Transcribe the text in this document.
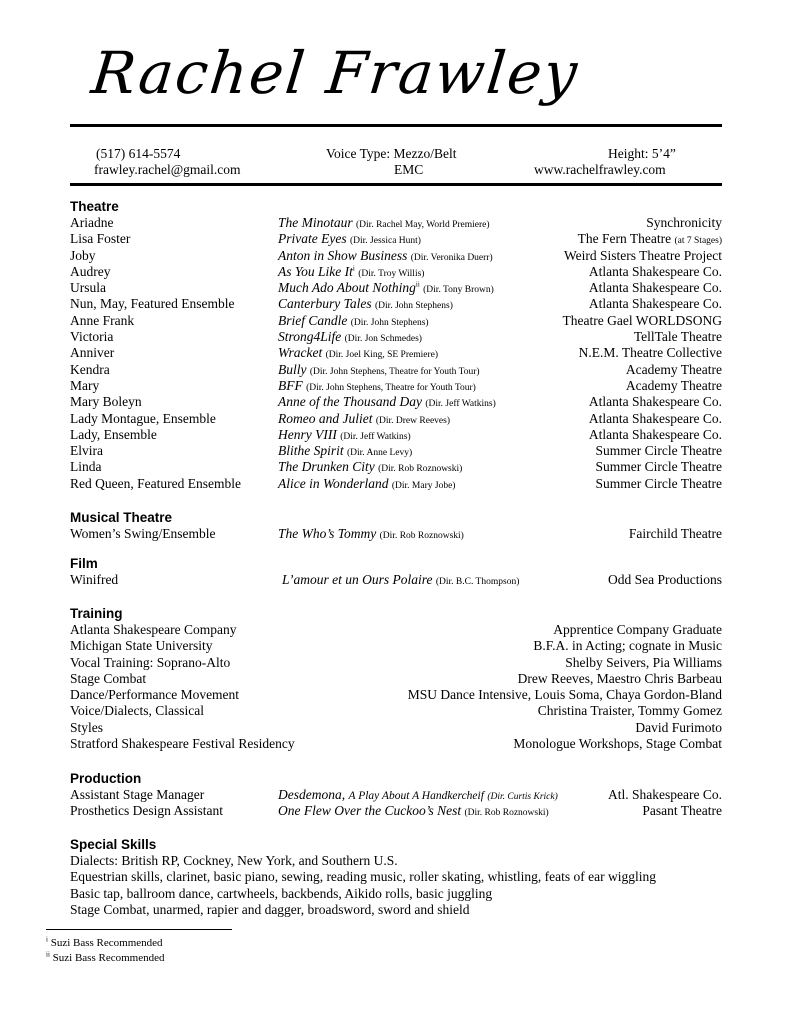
Rachel Frawley
(517) 614-5574
frawley.rachel@gmail.com
Voice Type: Mezzo/Belt
EMC
Height: 5’4”
www.rachelfrawley.com
Theatre
Ariadne	The Minotaur (Dir. Rachel May, World Premiere)	Synchronicity
Lisa Foster	Private Eyes (Dir. Jessica Hunt)	The Fern Theatre (at 7 Stages)
Joby	Anton in Show Business (Dir. Veronika Duerr)	Weird Sisters Theatre Project
Audrey	As You Like It$^i$ (Dir. Troy Willis)	Atlanta Shakespeare Co.
Ursula	Much Ado About Nothing$^{ii}$ (Dir. Tony Brown)	Atlanta Shakespeare Co.
Nun, May, Featured Ensemble	Canterbury Tales (Dir. John Stephens)	Atlanta Shakespeare Co.
Anne Frank	Brief Candle (Dir. John Stephens)	Theatre Gael WORLDSONG
Victoria	Strong4Life (Dir. Jon Schmedes)	TellTale Theatre
Anniver	Wracket (Dir. Joel King, SE Premiere)	N.E.M. Theatre Collective
Kendra	Bully (Dir. John Stephens, Theatre for Youth Tour)	Academy Theatre
Mary	BFF (Dir. John Stephens, Theatre for Youth Tour)	Academy Theatre
Mary Boleyn	Anne of the Thousand Day (Dir. Jeff Watkins)	Atlanta Shakespeare Co.
Lady Montague, Ensemble	Romeo and Juliet (Dir. Drew Reeves)	Atlanta Shakespeare Co.
Lady, Ensemble	Henry VIII (Dir. Jeff Watkins)	Atlanta Shakespeare Co.
Elvira	Blithe Spirit (Dir. Anne Levy)	Summer Circle Theatre
Linda	The Drunken City (Dir. Rob Roznowski)	Summer Circle Theatre
Red Queen, Featured Ensemble	Alice in Wonderland (Dir. Mary Jobe)	Summer Circle Theatre
Musical Theatre
Women’s Swing/Ensemble	The Who’s Tommy (Dir. Rob Roznowski)	Fairchild Theatre
Film
Winifred	L’amour et un Ours Polaire (Dir. B.C. Thompson)	Odd Sea Productions
Training
Atlanta Shakespeare Company	Apprentice Company Graduate
Michigan State University	B.F.A. in Acting; cognate in Music
Vocal Training: Soprano-Alto	Shelby Seivers, Pia Williams
Stage Combat	Drew Reeves, Maestro Chris Barbeau
Dance/Performance Movement	MSU Dance Intensive, Louis Soma, Chaya Gordon-Bland
Voice/Dialects, Classical	Christina Traister, Tommy Gomez
Styles	David Furimoto
Stratford Shakespeare Festival Residency	Monologue Workshops, Stage Combat
Production
Assistant Stage Manager	Desdemona, A Play About A Handkercheif (Dir. Curtis Krick)	Atl. Shakespeare Co.
Prosthetics Design Assistant	One Flew Over the Cuckoo’s Nest (Dir. Rob Roznowski)	Pasant Theatre
Special Skills
Dialects: British RP, Cockney, New York, and Southern U.S.
Equestrian skills, clarinet, basic piano, sewing, reading music, roller skating, whistling, feats of ear wiggling
Basic tap, ballroom dance, cartwheels, backbends, Aikido rolls, basic juggling
Stage Combat, unarmed, rapier and dagger, broadsword, sword and shield
$^i$ Suzi Bass Recommended
$^{ii}$ Suzi Bass Recommended
